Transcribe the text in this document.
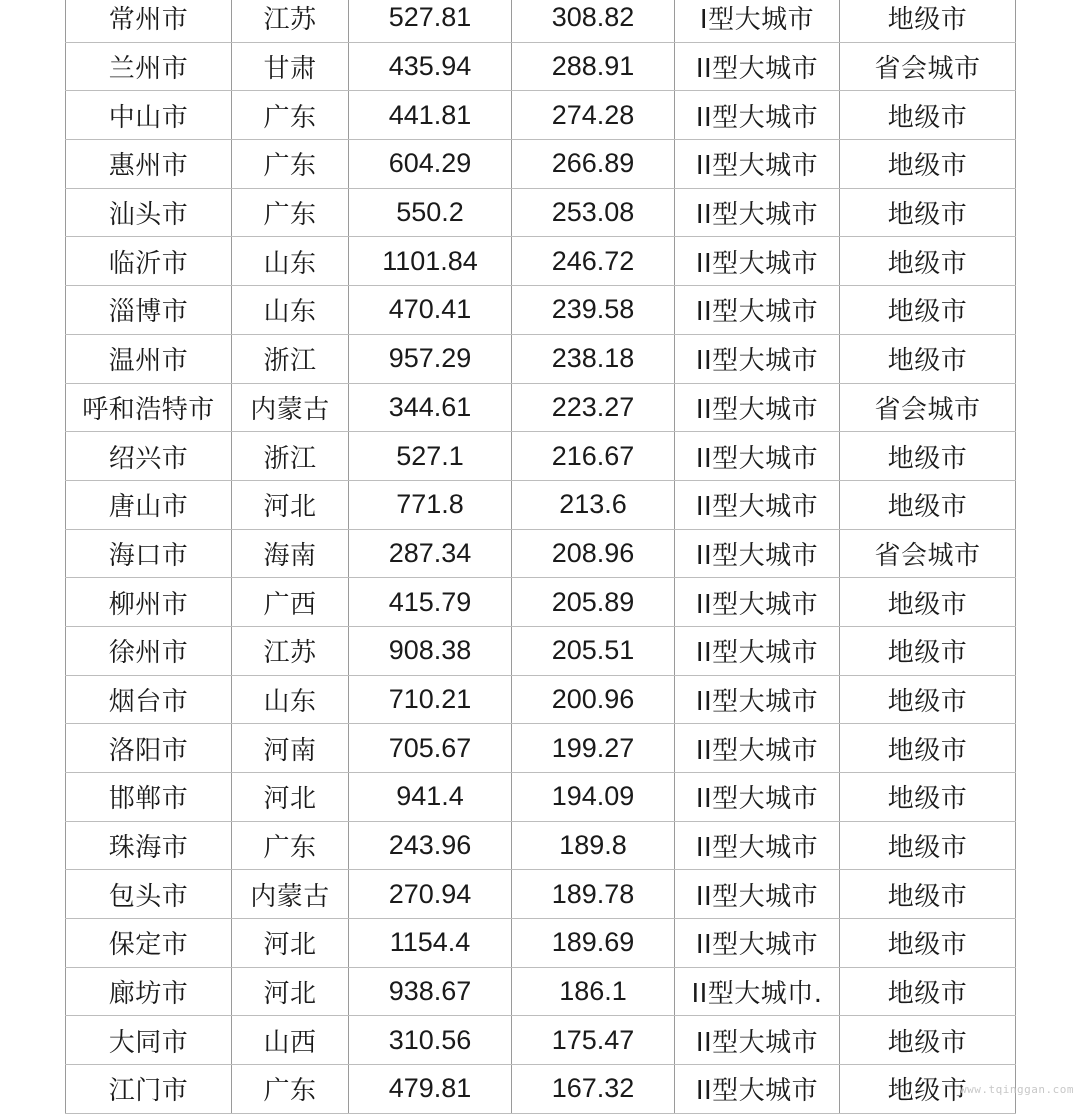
常州市	江苏	527.81	308.82	I型大城市	地级市
兰州市	甘肃	435.94	288.91	II型大城市	省会城市
中山市	广东	441.81	274.28	II型大城市	地级市
惠州市	广东	604.29	266.89	II型大城市	地级市
汕头市	广东	550.2	253.08	II型大城市	地级市
临沂市	山东	1101.84	246.72	II型大城市	地级市
淄博市	山东	470.41	239.58	II型大城市	地级市
温州市	浙江	957.29	238.18	II型大城市	地级市
呼和浩特市	内蒙古	344.61	223.27	II型大城市	省会城市
绍兴市	浙江	527.1	216.67	II型大城市	地级市
唐山市	河北	771.8	213.6	II型大城市	地级市
海口市	海南	287.34	208.96	II型大城市	省会城市
柳州市	广西	415.79	205.89	II型大城市	地级市
徐州市	江苏	908.38	205.51	II型大城市	地级市
烟台市	山东	710.21	200.96	II型大城市	地级市
洛阳市	河南	705.67	199.27	II型大城市	地级市
邯郸市	河北	941.4	194.09	II型大城市	地级市
珠海市	广东	243.96	189.8	II型大城市	地级市
包头市	内蒙古	270.94	189.78	II型大城市	地级市
保定市	河北	1154.4	189.69	II型大城市	地级市
廊坊市	河北	938.67	186.1	II型大城巾.	地级市
大同市	山西	310.56	175.47	II型大城市	地级市
江门市	广东	479.81	167.32	II型大城市	地级市
www.tqinggan.com
